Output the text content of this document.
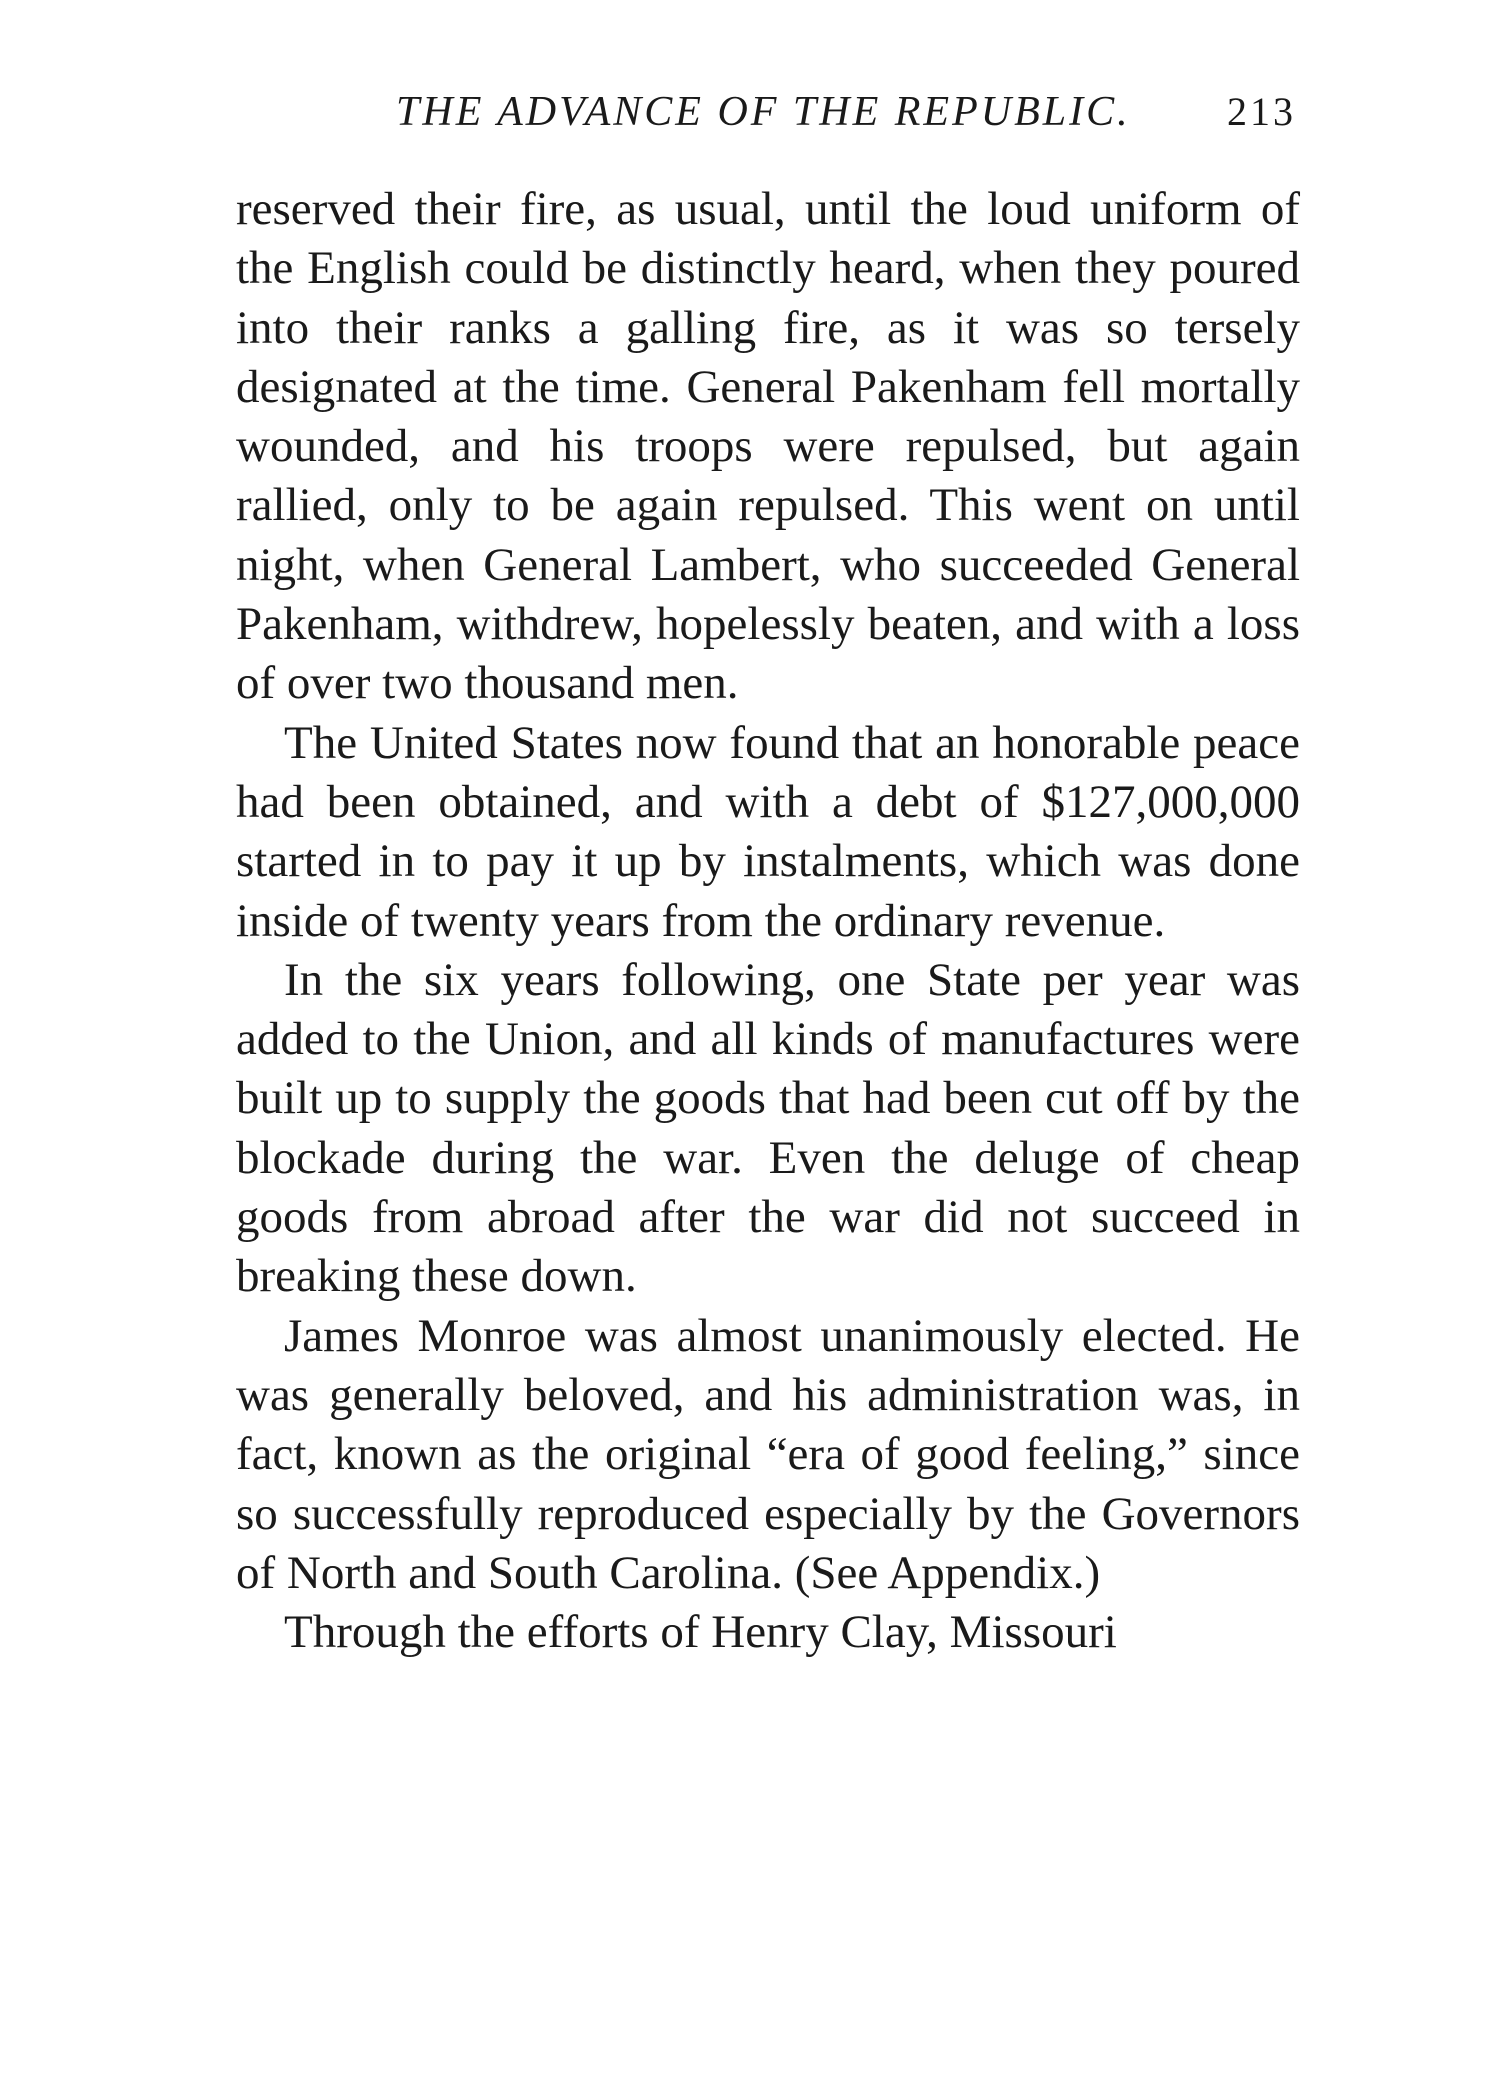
THE ADVANCE OF THE REPUBLIC. 213

reserved their fire, as usual, until the loud uniform of the English could be distinctly heard, when they poured into their ranks a galling fire, as it was so tersely designated at the time. General Pakenham fell mortally wounded, and his troops were repulsed, but again rallied, only to be again repulsed. This went on until night, when General Lambert, who succeeded General Pakenham, withdrew, hopelessly beaten, and with a loss of over two thousand men.

The United States now found that an honorable peace had been obtained, and with a debt of $127,000,000 started in to pay it up by instalments, which was done inside of twenty years from the ordinary revenue.

In the six years following, one State per year was added to the Union, and all kinds of manufactures were built up to supply the goods that had been cut off by the blockade during the war. Even the deluge of cheap goods from abroad after the war did not succeed in breaking these down.

James Monroe was almost unanimously elected. He was generally beloved, and his administration was, in fact, known as the original “era of good feeling,” since so successfully reproduced especially by the Governors of North and South Carolina. (See Appendix.)

Through the efforts of Henry Clay, Missouri
